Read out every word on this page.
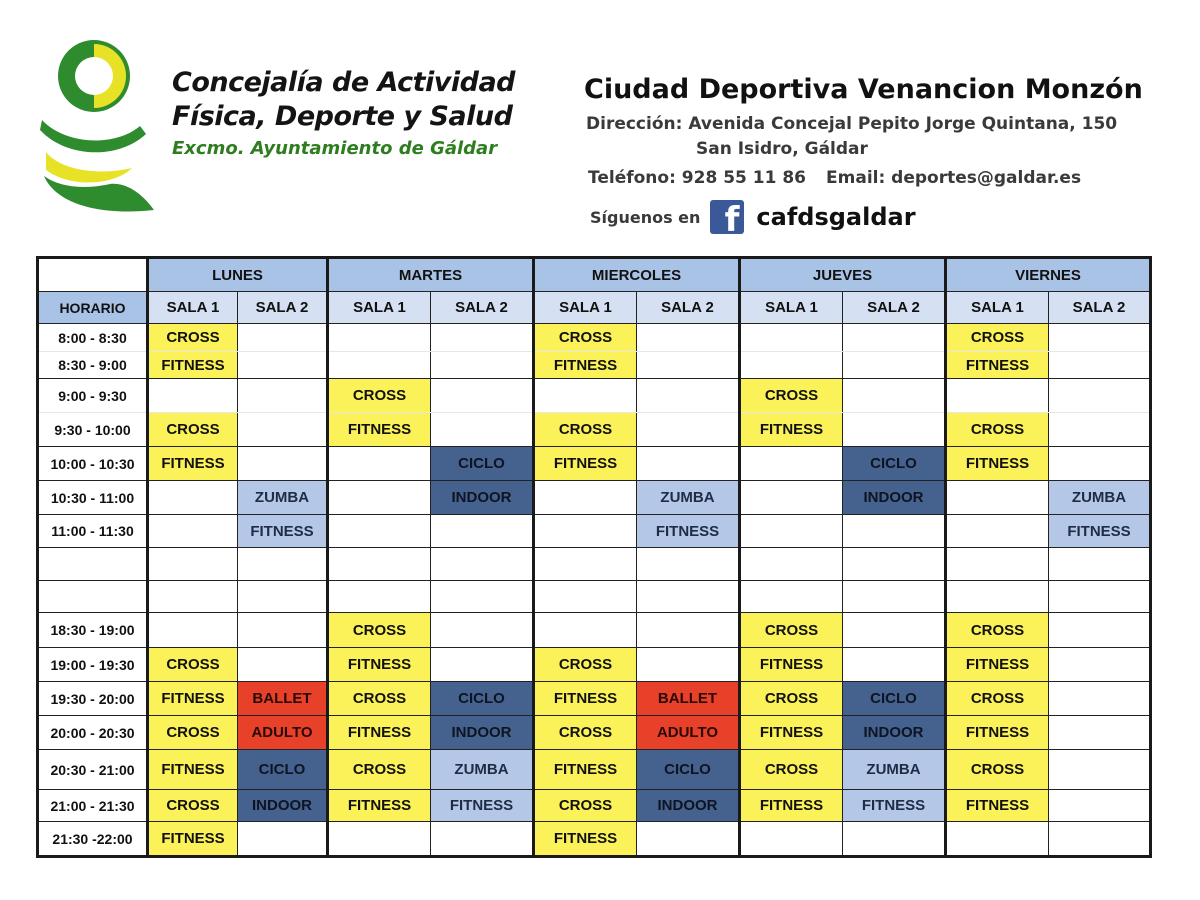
Concejalía de Actividad
Física, Deporte y Salud
Excmo. Ayuntamiento de Gáldar
Ciudad Deportiva Venancion Monzón
Dirección: Avenida Concejal Pepito Jorge Quintana, 150
San Isidro, Gáldar
Teléfono: 928 55 11 86 Email: deportes@galdar.es
Síguenos en f cafdsgaldar
	LUNES		MARTES		MIERCOLES		JUEVES		VIERNES	
HORARIO	SALA 1	SALA 2	SALA 1	SALA 2	SALA 1	SALA 2	SALA 1	SALA 2	SALA 1	SALA 2
8:00 - 8:30	CROSS				CROSS				CROSS	
8:30 - 9:00	FITNESS				FITNESS				FITNESS	
9:00 - 9:30			CROSS				CROSS			
9:30 - 10:00	CROSS		FITNESS		CROSS		FITNESS		CROSS	
10:00 - 10:30	FITNESS			CICLO	FITNESS			CICLO	FITNESS	
10:30 - 11:00		ZUMBA		INDOOR		ZUMBA		INDOOR		ZUMBA
11:00 - 11:30		FITNESS				FITNESS				FITNESS

18:30 - 19:00			CROSS				CROSS		CROSS	
19:00 - 19:30	CROSS		FITNESS		CROSS		FITNESS		FITNESS	
19:30 - 20:00	FITNESS	BALLET	CROSS	CICLO	FITNESS	BALLET	CROSS	CICLO	CROSS	
20:00 - 20:30	CROSS	ADULTO	FITNESS	INDOOR	CROSS	ADULTO	FITNESS	INDOOR	FITNESS	
20:30 - 21:00	FITNESS	CICLO	CROSS	ZUMBA	FITNESS	CICLO	CROSS	ZUMBA	CROSS	
21:00 - 21:30	CROSS	INDOOR	FITNESS	FITNESS	CROSS	INDOOR	FITNESS	FITNESS	FITNESS	
21:30 -22:00	FITNESS				FITNESS					
